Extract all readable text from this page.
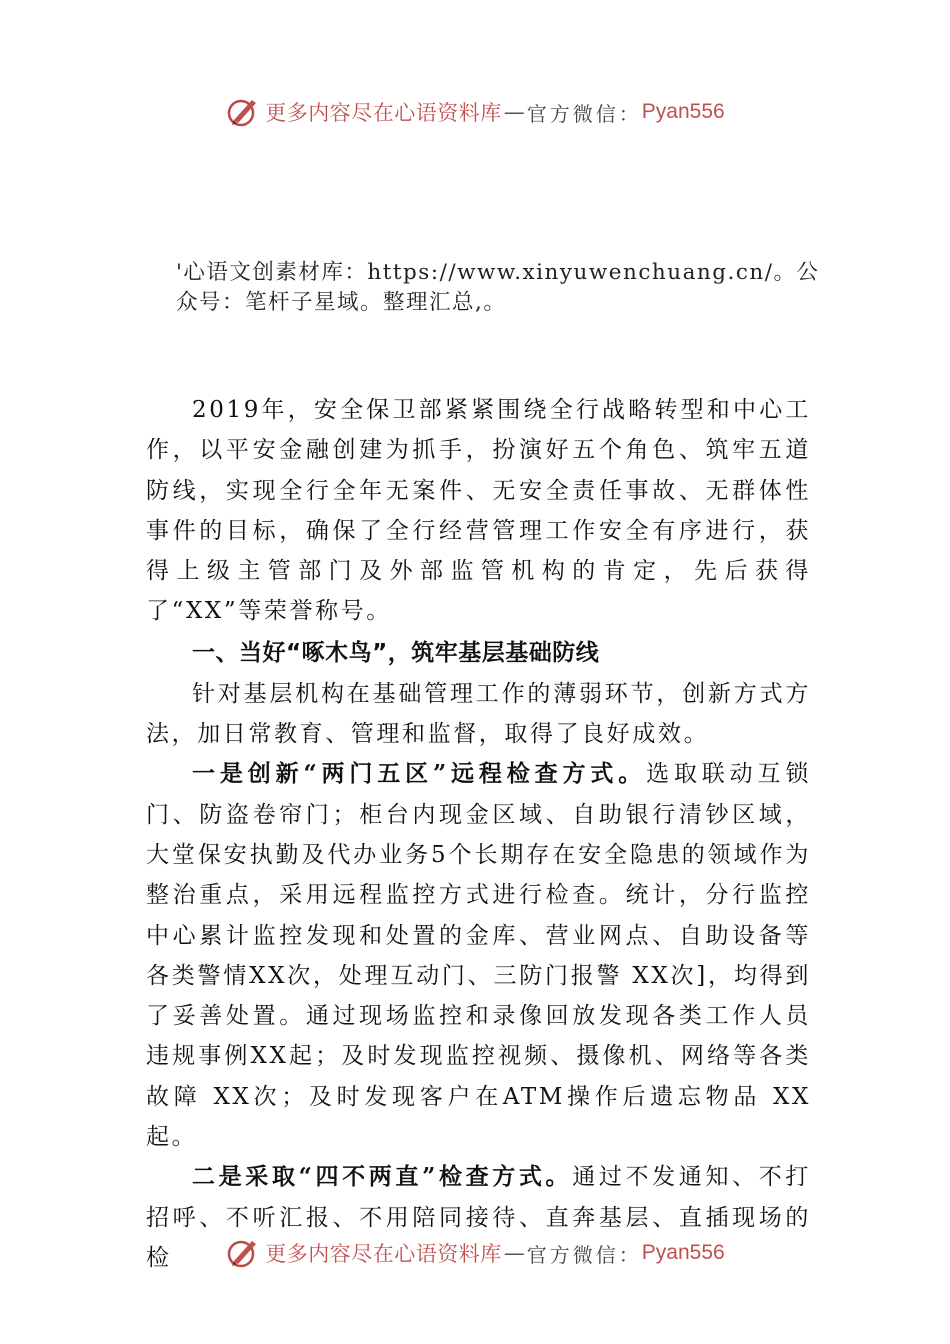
更多内容尽在心语资料库 — 官方微信： Pyan556
'心语文创素材库：https://www.xinyuwenchuang.cn/。公众号：笔杆子星域。整理汇总,。

2019年，安全保卫部紧紧围绕全行战略转型和中心工作，以平安金融创建为抓手，扮演好五个角色、筑牢五道防线，实现全行全年无案件、无安全责任事故、无群体性事件的目标，确保了全行经营管理工作安全有序进行，获得上级主管部门及外部监管机构的肯定，先后获得了“XX”等荣誉称号。

一、当好“啄木鸟”，筑牢基层基础防线

针对基层机构在基础管理工作的薄弱环节，创新方式方法，加日常教育、管理和监督，取得了良好成效。

一是创新“两门五区”远程检查方式。选取联动互锁门、防盗卷帘门；柜台内现金区域、自助银行清钞区域，大堂保安执勤及代办业务5个长期存在安全隐患的领域作为整治重点，采用远程监控方式进行检查。统计，分行监控中心累计监控发现和处置的金库、营业网点、自助设备等各类警情XX次，处理互动门、三防门报警 XX次]，均得到了妥善处置。通过现场监控和录像回放发现各类工作人员违规事例XX起；及时发现监控视频、摄像机、网络等各类故障 XX次；及时发现客户在ATM操作后遗忘物品 XX起。

二是采取“四不两直”检查方式。通过不发通知、不打招呼、不听汇报、不用陪同接待、直奔基层、直插现场的检	更多内容尽在心语资料库 — 官方微信： Pyan556
